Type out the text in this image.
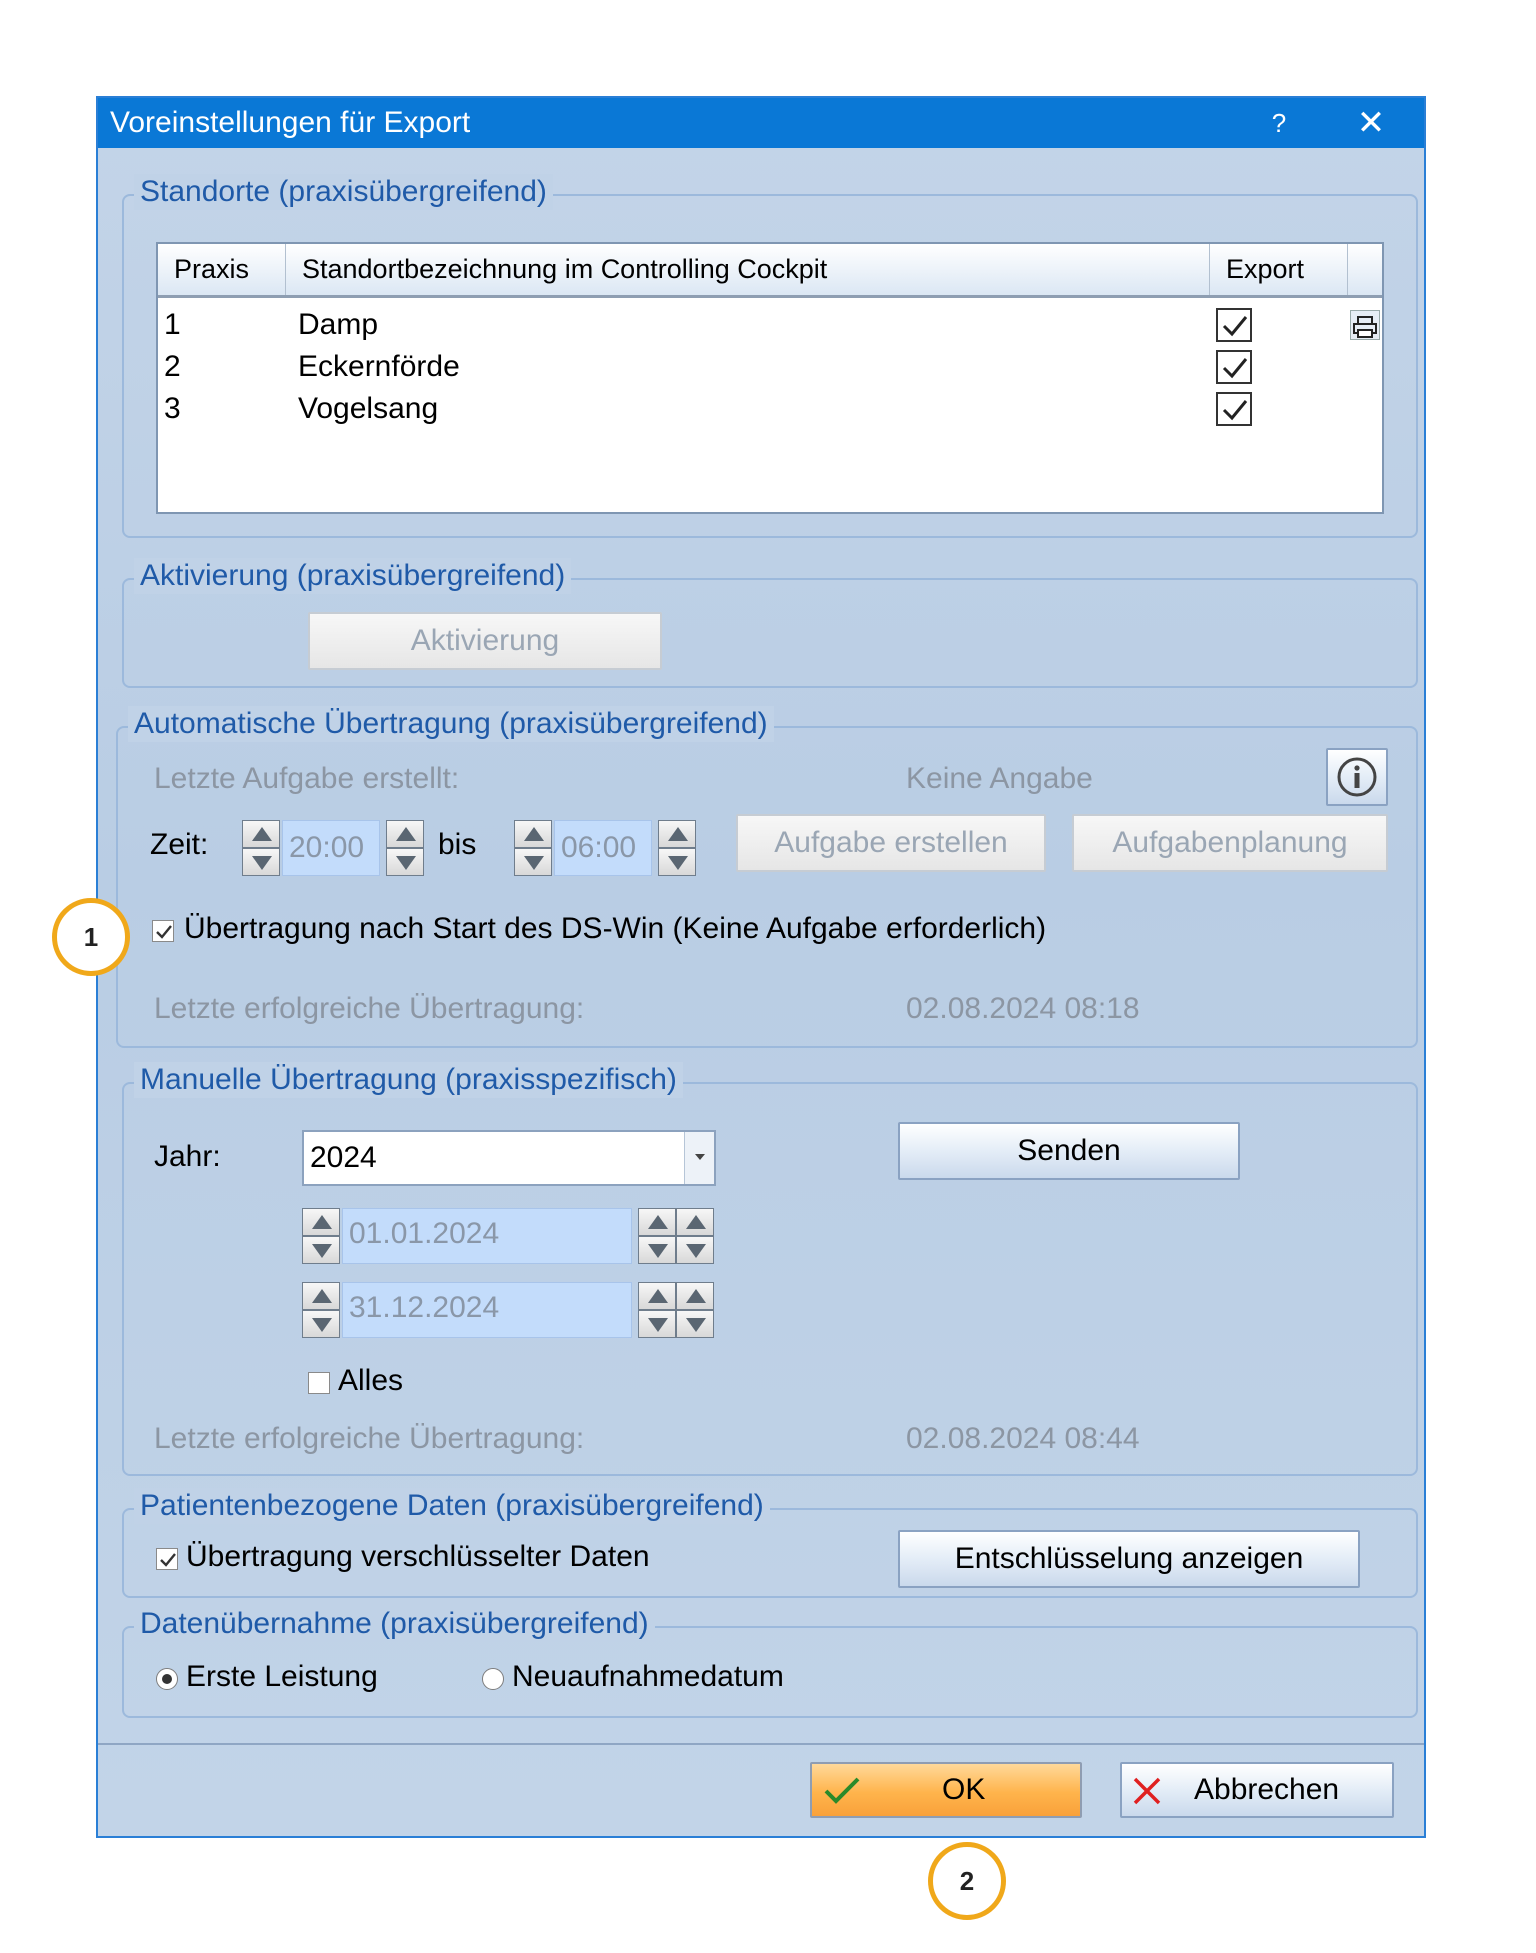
Voreinstellungen für Export	?	✕
Standorte (praxisübergreifend)
Praxis	Standortbezeichnung im Controlling Cockpit	Export
1	Damp
2	Eckernförde
3	Vogelsang
Aktivierung (praxisübergreifend)
Aktivierung
Automatische Übertragung (praxisübergreifend)
Letzte Aufgabe erstellt:	Keine Angabe
Zeit:	20:00	bis	06:00	Aufgabe erstellen	Aufgabenplanung
Übertragung nach Start des DS-Win (Keine Aufgabe erforderlich)
Letzte erfolgreiche Übertragung:	02.08.2024 08:18
Manuelle Übertragung (praxisspezifisch)
Jahr:	2024	Senden
01.01.2024
31.12.2024
Alles
Letzte erfolgreiche Übertragung:	02.08.2024 08:44
Patientenbezogene Daten (praxisübergreifend)
Übertragung verschlüsselter Daten	Entschlüsselung anzeigen
Datenübernahme (praxisübergreifend)
Erste Leistung	Neuaufnahmedatum
OK	Abbrechen
1
2
